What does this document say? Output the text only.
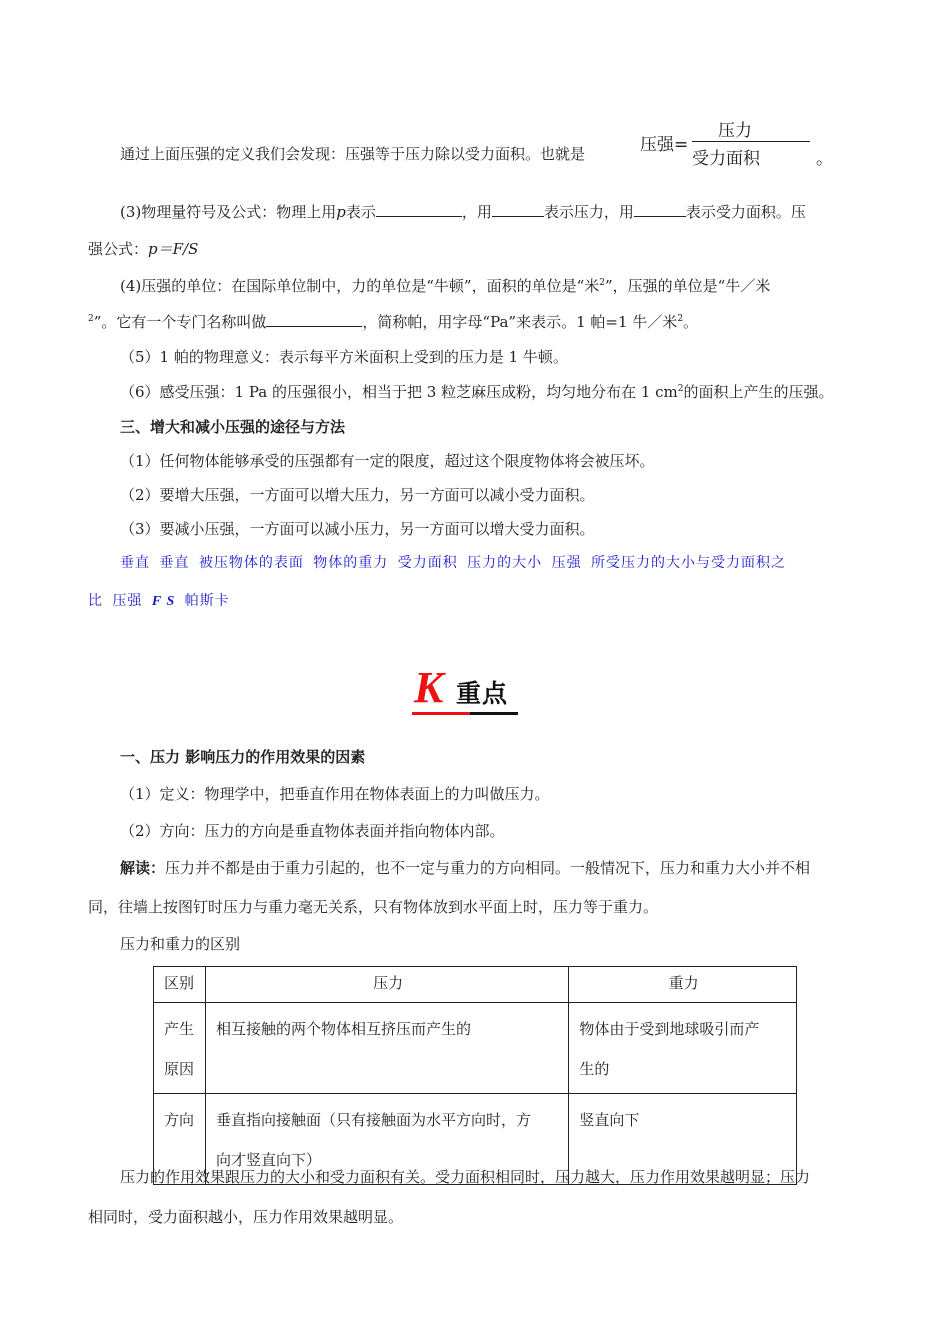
通过上面压强的定义我们会发现：压强等于压力除以受力面积。也就是	压强=
压力
受力面积	。
(3)物理量符号及公式：物理上用p表示	，用	表示压力，用	表示受力面积。压
强公式：p＝F/S
(4)压强的单位：在国际单位制中，力的单位是“牛顿”，面积的单位是“米$^2$”，压强的单位是“牛／米
$^2$”。它有一个专门名称叫做	，简称帕，用字母“Pa”来表示。1 帕=1 牛／米$^2$。
（5）1 帕的物理意义：表示每平方米面积上受到的压力是 1 牛顿。
（6）感受压强：1 Pa 的压强很小，相当于把 3 粒芝麻压成粉，均匀地分布在 1 $cm^2$的面积上产生的压强。
三、增大和减小压强的途径与方法
（1）任何物体能够承受的压强都有一定的限度，超过这个限度物体将会被压坏。
（2）要增大压强，一方面可以增大压力，另一方面可以减小受力面积。
（3）要减小压强，一方面可以减小压力，另一方面可以增大受力面积。
垂直 垂直 被压物体的表面 物体的重力 受力面积 压力的大小 压强 所受压力的大小与受力面积之
比 压强 F S 帕斯卡
K 重点
一、压力 影响压力的作用效果的因素
（1）定义：物理学中，把垂直作用在物体表面上的力叫做压力。
（2）方向：压力的方向是垂直物体表面并指向物体内部。
解读：压力并不都是由于重力引起的，也不一定与重力的方向相同。一般情况下，压力和重力大小并不相
同，往墙上按图钉时压力与重力毫无关系，只有物体放到水平面上时，压力等于重力。
压力和重力的区别
区别	压力	重力
产生
原因	相互接触的两个物体相互挤压而产生的	物体由于受到地球吸引而产
生的
方向	垂直指向接触面（只有接触面为水平方向时，方
向才竖直向下）	竖直向下
压力的作用效果跟压力的大小和受力面积有关。受力面积相同时，压力越大，压力作用效果越明显；压力
相同时，受力面积越小，压力作用效果越明显。
